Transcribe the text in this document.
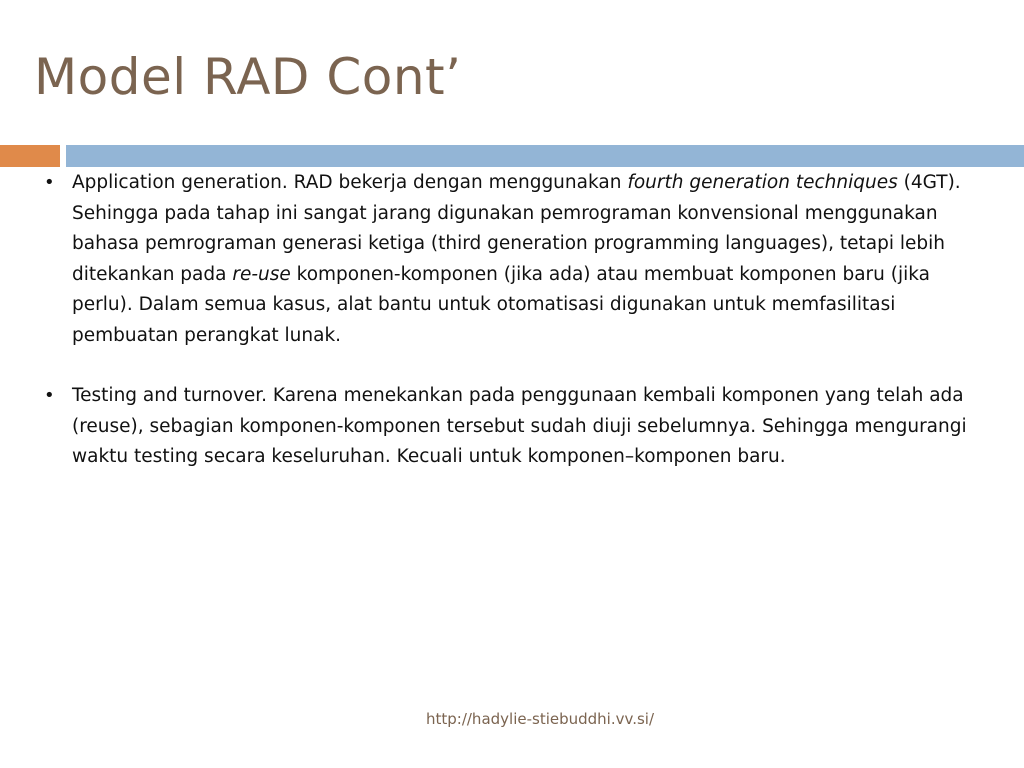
Model RAD Cont’
• Application generation. RAD bekerja dengan menggunakan fourth generation techniques (4GT). Sehingga pada tahap ini sangat jarang digunakan pemrograman konvensional menggunakan bahasa pemrograman generasi ketiga (third generation programming languages), tetapi lebih ditekankan pada re-use komponen-komponen (jika ada) atau membuat komponen baru (jika perlu). Dalam semua kasus, alat bantu untuk otomatisasi digunakan untuk memfasilitasi pembuatan perangkat lunak.
• Testing and turnover. Karena menekankan pada penggunaan kembali komponen yang telah ada (reuse), sebagian komponen-komponen tersebut sudah diuji sebelumnya. Sehingga mengurangi waktu testing secara keseluruhan. Kecuali untuk komponen–komponen baru.
http://hadylie-stiebuddhi.vv.si/
